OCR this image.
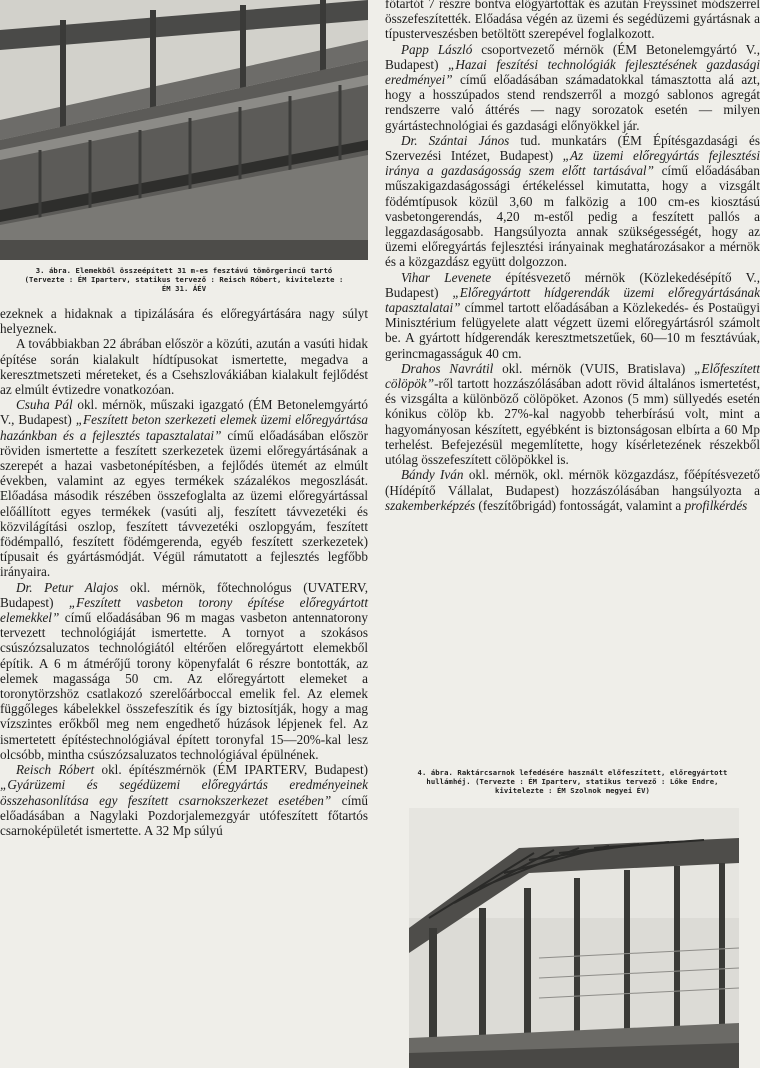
3. ábra. Elemekből összeépített 31 m-es fesztávú tömörgerincű tartó
(Tervezte : ÉM Iparterv, statikus tervező : Reisch Róbert, kivitelezte :
ÉM 31. ÁÉV

ezeknek a hidaknak a tipizálására és előregyártására nagy súlyt helyeznek.

A továbbiakban 22 ábrában először a közúti, azután a vasúti hidak építése során kialakult hídtípusokat ismertette, megadva a keresztmetszeti méreteket, és a Csehszlovákiában kialakult fejlődést az elmúlt évtizedre vonatkozóan.

Csuha Pál okl. mérnök, műszaki igazgató (ÉM Betonelemgyártó V., Budapest) „Feszített beton szerkezeti elemek üzemi előregyártása hazánkban és a fejlesztés tapasztalatai” című előadásában először röviden ismertette a feszített szerkezetek üzemi előregyártásának a szerepét a hazai vasbetonépítésben, a fejlődés ütemét az elmúlt években, valamint az egyes termékek százalékos megoszlását. Előadása második részében összefoglalta az üzemi előregyártással előállított egyes termékek (vasúti alj, feszített távvezetéki és közvilágítási oszlop, feszített távvezetéki oszlopgyám, feszített födémpalló, feszített födémgerenda, egyéb feszített szerkezetek) típusait és gyártásmódját. Végül rámutatott a fejlesztés legfőbb irányaira.

Dr. Petur Alajos okl. mérnök, főtechnológus (UVATERV, Budapest) „Feszített vasbeton torony építése előregyártott elemekkel” című előadásában 96 m magas vasbeton antennatorony tervezett technológiáját ismertette. A tornyot a szokásos csúszózsaluzatos technológiától eltérően előregyártott elemekből építik. A 6 m átmérőjű torony köpenyfalát 6 részre bontották, az elemek magassága 50 cm. Az előregyártott elemeket a toronytörzshöz csatlakozó szerelőárboccal emelik fel. Az elemek függőleges kábelekkel összefeszítik és így biztosítják, hogy a mag vízszintes erőkből meg nem engedhető húzások lépjenek fel. Az ismertetett építéstechnológiával épített toronyfal 15—20%-kal lesz olcsóbb, mintha csúszózsaluzatos technológiával épülnének.

Reisch Róbert okl. építészmérnök (ÉM IPARTERV, Budapest) „Gyárüzemi és segédüzemi előregyártás eredményeinek összehasonlítása egy feszített csarnokszerkezet esetében” című előadásában a Nagylaki Pozdorjalemezgyár utófeszített főtartós csarnoképületét ismertette. A 32 Mp súlyú

főtartót 7 részre bontva előgyártották és azután Freyssinet módszerrel összefeszítették. Előadása végén az üzemi és segédüzemi gyártásnak a típusterveszésben betöltött szerepével foglalkozott.

Papp László csoportvezető mérnök (ÉM Betonelemgyártó V., Budapest) „Hazai feszítési technológiák fejlesztésének gazdasági eredményei” című előadásában számadatokkal támasztotta alá azt, hogy a hosszúpados stend rendszerről a mozgó sablonos agregát rendszerre való áttérés — nagy sorozatok esetén — milyen gyártástechnológiai és gazdasági előnyökkel jár.

Dr. Szántai János tud. munkatárs (ÉM Építésgazdasági és Szervezési Intézet, Budapest) „Az üzemi előregyártás fejlesztési iránya a gazdaságosság szem előtt tartásával” című előadásában műszakigazdaságossági értékeléssel kimutatta, hogy a vizsgált födémtípusok közül 3,60 m falközig a 100 cm-es kiosztású vasbetongerendás, 4,20 m-estől pedig a feszített pallós a leggazdaságosabb. Hangsúlyozta annak szükségességét, hogy az üzemi előregyártás fejlesztési irányainak meghatározásakor a mérnök és a közgazdász együtt dolgozzon.

Vihar Levenete építésvezető mérnök (Közlekedésépítő V., Budapest) „Előregyártott hídgerendák üzemi előregyártásának tapasztalatai” címmel tartott előadásában a Közlekedés- és Postaügyi Minisztérium felügyelete alatt végzett üzemi előregyártásról számolt be. A gyártott hídgerendák keresztmetszetűek, 60—10 m fesztávúak, gerincmagasságuk 40 cm.

Drahos Navrátil okl. mérnök (VUIS, Bratislava) „Előfeszített cölöpök”-ről tartott hozzászólásában adott rövid általános ismertetést, és vizsgálta a különböző cölöpöket. Azonos (5 mm) süllyedés esetén kónikus cölöp kb. 27%-kal nagyobb teherbírású volt, mint a hagyományosan készített, egyébként is biztonságosan elbírta a 60 Mp terhelést. Befejezésül megemlítette, hogy kísérletezének részekből utólag összefeszített cölöpökkel is.

Bándy Iván okl. mérnök, okl. mérnök közgazdász, főépítésvezető (Hídépítő Vállalat, Budapest) hozzászólásában hangsúlyozta a szakemberképzés (feszítőbrigád) fontosságát, valamint a profilkérdés

4. ábra. Raktárcsarnok lefedésére használt előfeszített, előregyártott
hullámhéj. (Tervezte : ÉM Iparterv, statikus tervező : Lőke Endre,
kivitelezte : ÉM Szolnok megyei ÉV)
